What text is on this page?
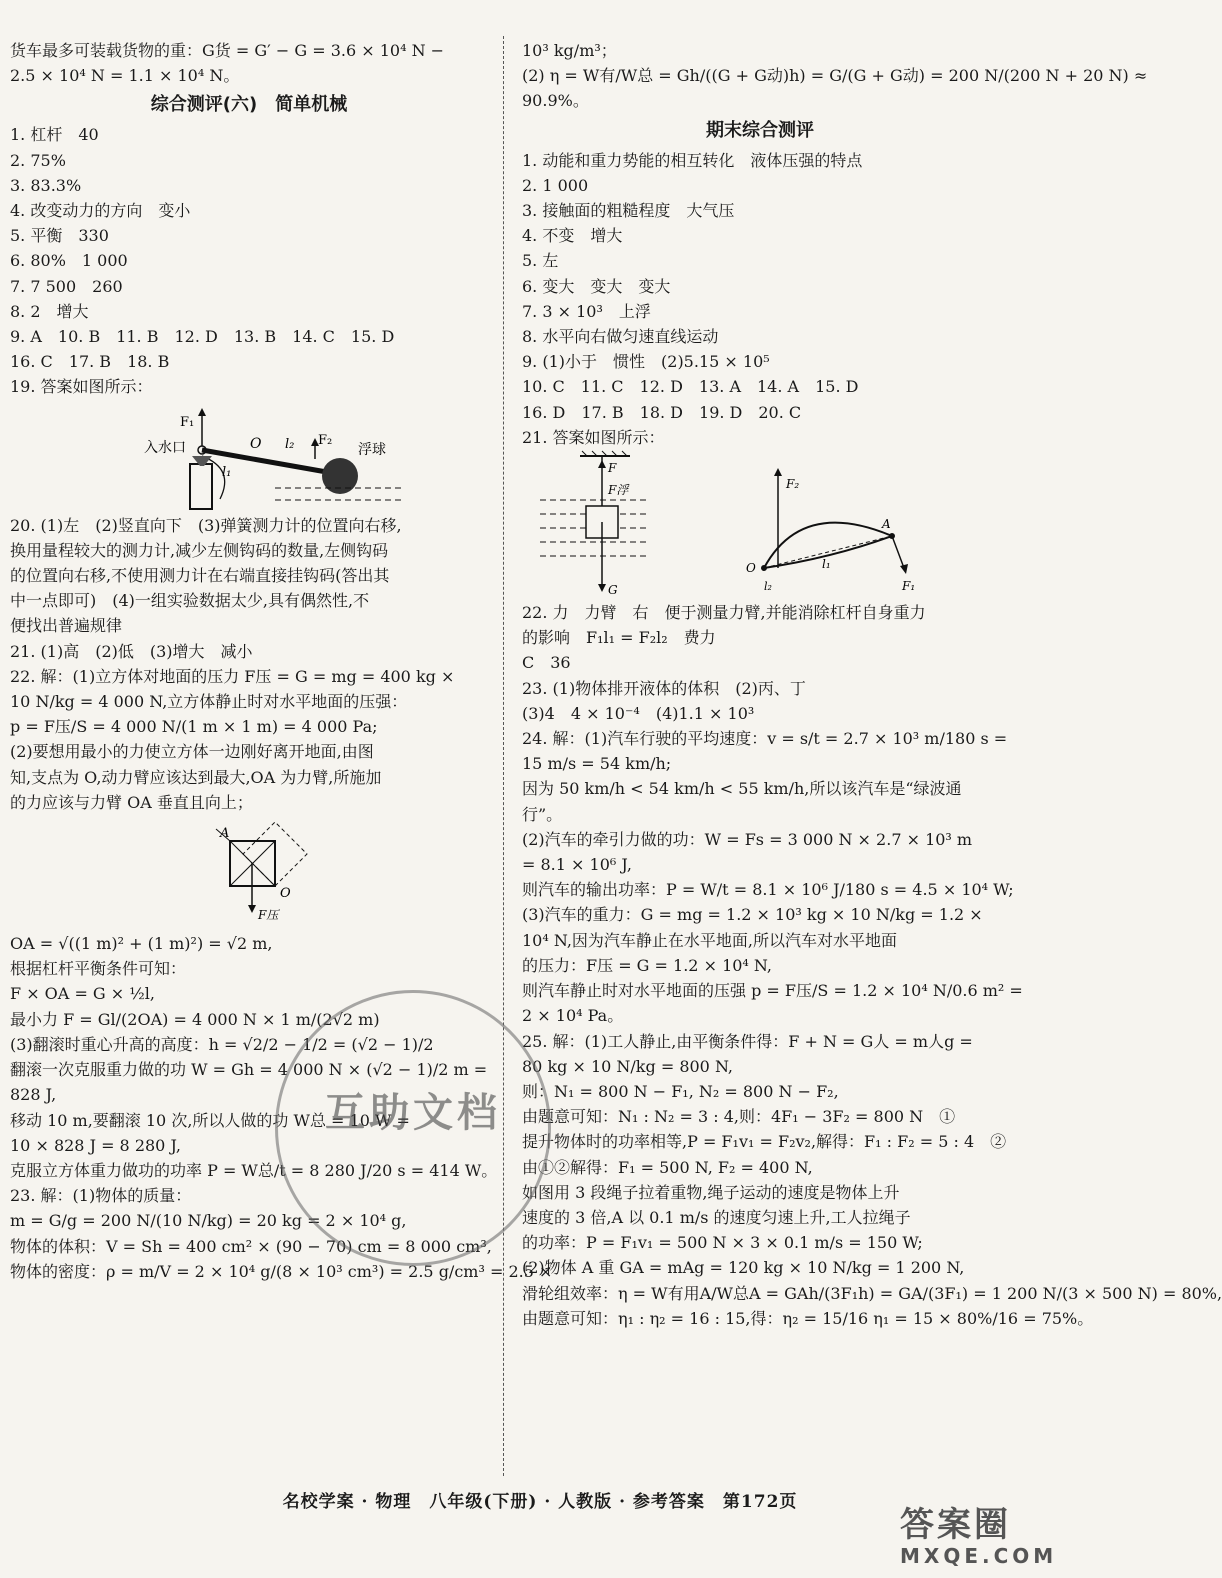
货车最多可装载货物的重：G货 = G′ − G = 3.6 × 10⁴ N −
2.5 × 10⁴ N = 1.1 × 10⁴ N。
综合测评(六)　简单机械
1. 杠杆　40
2. 75%
3. 83.3%
4. 改变动力的方向　变小
5. 平衡　330
6. 80%　1 000
7. 7 500　260
8. 2　增大
9. A　10. B　11. B　12. D　13. B　14. C　15. D
16. C　17. B　18. B
19. 答案如图所示：
F₁
入水口	O l₂ F₂
浮球
l₁
20. (1)左　(2)竖直向下　(3)弹簧测力计的位置向右移,
换用量程较大的测力计,减少左侧钩码的数量,左侧钩码
的位置向右移,不使用测力计在右端直接挂钩码(答出其
中一点即可)　(4)一组实验数据太少,具有偶然性,不
便找出普遍规律
21. (1)高　(2)低　(3)增大　减小
22. 解：(1)立方体对地面的压力 F压 = G = mg = 400 kg ×
10 N/kg = 4 000 N,立方体静止时对水平地面的压强：
p = F压/S = 4 000 N/(1 m × 1 m) = 4 000 Pa;
(2)要想用最小的力使立方体一边刚好离开地面,由图
知,支点为 O,动力臂应该达到最大,OA 为力臂,所施加
的力应该与力臂 OA 垂直且向上；
A
O
F压
OA = √((1 m)² + (1 m)²) = √2 m,
根据杠杆平衡条件可知：
F × OA = G × ½l,
最小力 F = Gl/(2OA) = 4 000 N × 1 m/(2√2 m)
(3)翻滚时重心升高的高度：h = √2/2 − 1/2 = (√2 − 1)/2
翻滚一次克服重力做的功 W = Gh = 4 000 N × (√2 − 1)/2 m =
828 J,
移动 10 m,要翻滚 10 次,所以人做的功 W总 = 10 W =
10 × 828 J = 8 280 J,
克服立方体重力做功的功率 P = W总/t = 8 280 J/20 s = 414 W。
23. 解：(1)物体的质量：
m = G/g = 200 N/(10 N/kg) = 20 kg = 2 × 10⁴ g,
物体的体积：V = Sh = 400 cm² × (90 − 70) cm = 8 000 cm³,
物体的密度：ρ = m/V = 2 × 10⁴ g/(8 × 10³ cm³) = 2.5 g/cm³ = 2.5 ×
10³ kg/m³；
(2) η = W有/W总 = Gh/((G + G动)h) = G/(G + G动) = 200 N/(200 N + 20 N) ≈
90.9%。
期末综合测评
1. 动能和重力势能的相互转化　液体压强的特点
2. 1 000
3. 接触面的粗糙程度　大气压
4. 不变　增大
5. 左
6. 变大　变大　变大
7. 3 × 10³　上浮
8. 水平向右做匀速直线运动
9. (1)小于　惯性　(2)5.15 × 10⁵
10. C　11. C　12. D　13. A　14. A　15. D
16. D　17. B　18. D　19. D　20. C
21. 答案如图所示：
F
F浮
G
F₂
A
F₁
l₁
O
l₂
22. 力　力臂　右　便于测量力臂,并能消除杠杆自身重力
的影响　F₁l₁ = F₂l₂　费力
C　36
23. (1)物体排开液体的体积　(2)丙、丁
(3)4　4 × 10⁻⁴　(4)1.1 × 10³
24. 解：(1)汽车行驶的平均速度：v = s/t = 2.7 × 10³ m/180 s =
15 m/s = 54 km/h;
因为 50 km/h < 54 km/h < 55 km/h,所以该汽车是“绿波通
行”。
(2)汽车的牵引力做的功：W = Fs = 3 000 N × 2.7 × 10³ m
= 8.1 × 10⁶ J,
则汽车的输出功率：P = W/t = 8.1 × 10⁶ J/180 s = 4.5 × 10⁴ W;
(3)汽车的重力：G = mg = 1.2 × 10³ kg × 10 N/kg = 1.2 ×
10⁴ N,因为汽车静止在水平地面,所以汽车对水平地面
的压力：F压 = G = 1.2 × 10⁴ N,
则汽车静止时对水平地面的压强 p = F压/S = 1.2 × 10⁴ N/0.6 m² =
2 × 10⁴ Pa。
25. 解：(1)工人静止,由平衡条件得：F + N = G人 = m人g =
80 kg × 10 N/kg = 800 N,
则：N₁ = 800 N − F₁, N₂ = 800 N − F₂,
由题意可知：N₁ : N₂ = 3 : 4,则：4F₁ − 3F₂ = 800 N　①
提升物体时的功率相等,P = F₁v₁ = F₂v₂,解得：F₁ : F₂ = 5 : 4　②
由①②解得：F₁ = 500 N, F₂ = 400 N,
如图用 3 段绳子拉着重物,绳子运动的速度是物体上升
速度的 3 倍,A 以 0.1 m/s 的速度匀速上升,工人拉绳子
的功率：P = F₁v₁ = 500 N × 3 × 0.1 m/s = 150 W;
(2)物体 A 重 GA = mAg = 120 kg × 10 N/kg = 1 200 N,
滑轮组效率：η = W有用A/W总A = GAh/(3F₁h) = GA/(3F₁) = 1 200 N/(3 × 500 N) = 80%,
由题意可知：η₁ : η₂ = 16 : 15,得：η₂ = 15/16 η₁ = 15 × 80%/16 = 75%。
互助文档
名校学案 · 物理　八年级(下册) · 人教版 · 参考答案　第172页
答案圈
MXQE.COM
